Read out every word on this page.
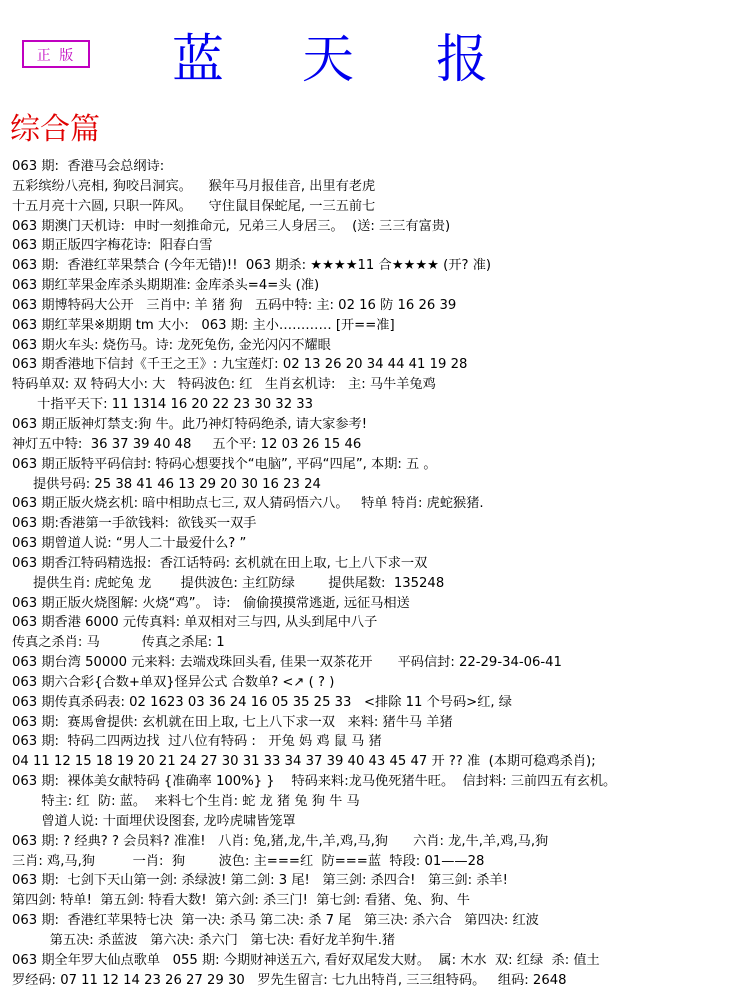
正 版 蓝 天 报
综合篇
063 期:  香港马会总纲诗:
五彩缤纷八亮相, 狗咬吕洞宾。    猴年马月报佳音, 出里有老虎
十五月亮十六圆, 只职一阵风。    守住鼠目保蛇尾, 一三五前七
063 期澳门天机诗:  申时一刻推命元,  兄弟三人身居三。  (送: 三三有富贵)
063 期正版四字梅花诗:  阳春白雪
063 期:  香港红苹果禁合 (今年无错)!!  063 期杀: ★★★★11 合★★★★ (开? 准)
063 期红苹果金库杀头期期准: 金库杀头=4=头 (准)
063 期博特码大公开   三肖中: 羊 猪 狗   五码中特: 主: 02 16 防 16 26 39
063 期红苹果※期期 tm 大小:   063 期: 主小………… [开==准]
063 期火车头: 烧伤马。诗: 龙死兔伤, 金光闪闪不耀眼
063 期香港地下信封《千王之王》: 九宝莲灯: 02 13 26 20 34 44 41 19 28
特码单双: 双 特码大小: 大   特码波色: 红   生肖玄机诗:   主: 马牛羊兔鸡
十指平天下: 11 1314 16 20 22 23 30 32 33
063 期正版神灯禁支:狗 牛。此乃神灯特码绝杀, 请大家参考!
神灯五中特:  36 37 39 40 48     五个平: 12 03 26 15 46
063 期正版特平码信封: 特码心想要找个“电脑”, 平码“四尾”, 本期: 五 。
提供号码: 25 38 41 46 13 29 20 30 16 23 24
063 期正版火烧玄机: 暗中相助点七三, 双人猜码悟六八。   特单 特肖: 虎蛇猴猪.
063 期:香港第一手欲钱料:  欲钱买一双手
063 期曾道人说: “男人二十最爱什么? ”
063 期香江特码精选报:  香江话特码: 玄机就在田上取, 七上八下求一双
提供生肖: 虎蛇兔 龙       提供波色: 主红防绿        提供尾数:  135248
063 期正版火烧图解: 火烧“鸡”。 诗:   偷偷摸摸常逃逝, 远征马相送
063 期香港 6000 元传真料: 单双相对三与四, 从头到尾中八子
传真之杀肖: 马          传真之杀尾: 1
063 期台湾 50000 元来料: 去端戏珠回头看, 佳果一双茶花开      平码信封: 22-29-34-06-41
063 期六合彩{合数+单双}怪异公式 合数单? <↗ ( ? )
063 期传真杀码表: 02 1623 03 36 24 16 05 35 25 33   <排除 11 个号码>红, 绿
063 期:  赛馬會提供: 玄机就在田上取, 七上八下求一双   来料: 猪牛马 羊猪
063 期:  特码二四两边找  过八位有特码 :   开兔 妈 鸡 鼠 马 猪
04 11 12 15 18 19 20 21 24 27 30 31 33 34 37 39 40 43 45 47 开 ?? 准  (本期可稳鸡杀肖);
063 期:  裸体美女献特码 {准确率 100%} }    特码来料:龙马俛死猪牛旺。  信封料: 三前四五有玄机。
特主: 红  防: 蓝。  来料七个生肖: 蛇 龙 猪 兔 狗 牛 马
曾道人说: 十面埋伏设图套, 龙吟虎啸皆笼罩
063 期: ? 经典? ? 会员料? 准准!   八肖: 兔,猪,龙,牛,羊,鸡,马,狗      六肖: 龙,牛,羊,鸡,马,狗
三肖: 鸡,马,狗         一肖:  狗        波色: 主===红  防===蓝  特段: 01——28
063 期:  七剑下天山第一剑: 杀绿波! 第二剑: 3 尾!   第三剑: 杀四合!   第三剑: 杀羊!
第四剑: 特单!  第五剑: 特看大数!  第六剑: 杀三门!  第七剑: 看猪、兔、狗、牛
063 期:  香港红苹果特七决  第一决: 杀马 第二决: 杀 7 尾   第三决: 杀六合   第四决: 红波
第五决: 杀蓝波   第六决: 杀六门   第七决: 看好龙羊狗牛.猪
063 期全年罗大仙点歌单   055 期: 今期财神送五六, 看好双尾发大财。  属: 木水  双: 红绿  杀: 值土
罗经码: 07 11 12 14 23 26 27 29 30   罗先生留言: 七九出特肖, 三三组特码。   组码: 2648
